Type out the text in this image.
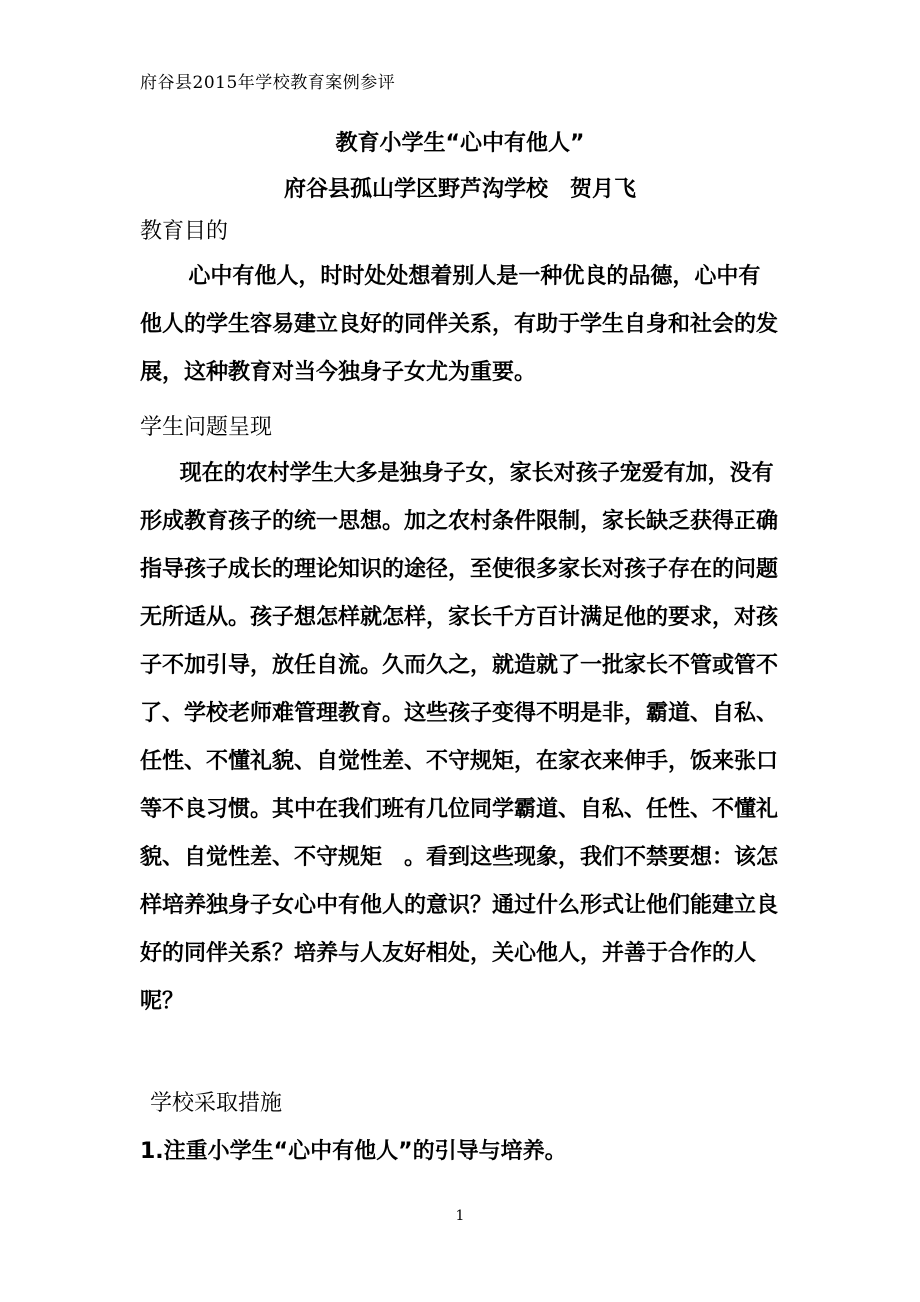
府谷县2015年学校教育案例参评
教育小学生“心中有他人”
府谷县孤山学区野芦沟学校　贺月飞
教育目的

心中有他人，时时处处想着别人是一种优良的品德，心中有他人的学生容易建立良好的同伴关系，有助于学生自身和社会的发展，这种教育对当今独身子女尤为重要。

学生问题呈现

现在的农村学生大多是独身子女，家长对孩子宠爱有加，没有形成教育孩子的统一思想。加之农村条件限制，家长缺乏获得正确指导孩子成长的理论知识的途径，至使很多家长对孩子存在的问题无所适从。孩子想怎样就怎样，家长千方百计满足他的要求，对孩子不加引导，放任自流。久而久之，就造就了一批家长不管或管不了、学校老师难管理教育。这些孩子变得不明是非，霸道、自私、任性、不懂礼貌、自觉性差、不守规矩，在家衣来伸手，饭来张口等不良习惯。其中在我们班有几位同学霸道、自私、任性、不懂礼貌、自觉性差、不守规矩　。看到这些现象，我们不禁要想：该怎样培养独身子女心中有他人的意识？通过什么形式让他们能建立良好的同伴关系？培养与人友好相处，关心他人，并善于合作的人呢？

学校采取措施
1.注重小学生“心中有他人”的引导与培养。
1
